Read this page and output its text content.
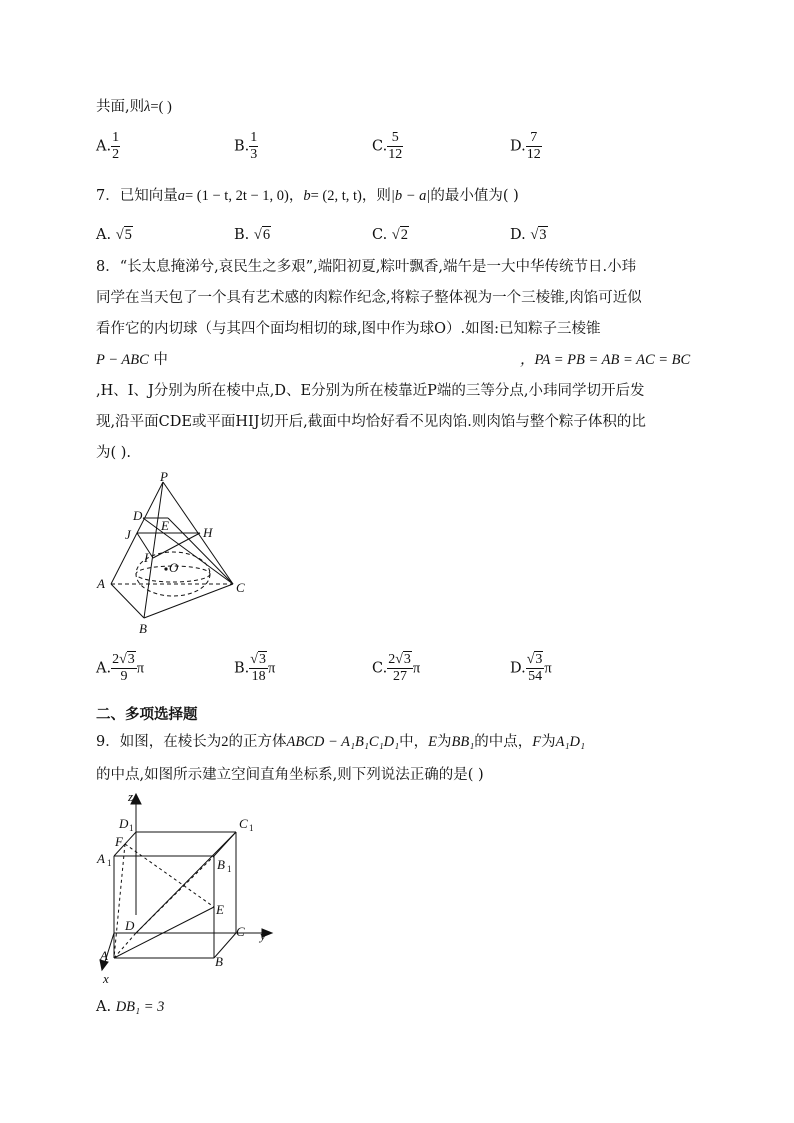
共面,则λ=( )
A. $\frac{1}{2}$	B. $\frac{1}{3}$	C. $\frac{5}{12}$	D. $\frac{7}{12}$
7．已知向量a= (1 − t, 2t − 1, 0)，b= (2, t, t)，则|b − a|的最小值为( )
A. √5	B. √6	C. √2	D. √3
8．“长太息掩涕兮,哀民生之多艰”,端阳初夏,粽叶飘香,端午是一大中华传统节日.小玮
同学在当天包了一个具有艺术感的肉粽作纪念,将粽子整体视为一个三棱锥,肉馅可近似
看作它的内切球（与其四个面均相切的球,图中作为球O）.如图:已知粽子三棱锥
P − ABC 中	，PA = PB = AB = AC = BC
,H、I、J分别为所在棱中点,D、E分别为所在棱靠近P端的三等分点,小玮同学切开后发
现,沿平面CDE或平面HIJ切开后,截面中均恰好看不见肉馅.则肉馅与整个粽子体积的比
为( ).
P
D
E
J	H
I
O
A	C
B
A. $\frac{2√3}{9}$ π	B. $\frac{√3}{18}$ π	C. $\frac{2√3}{27}$ π	D. $\frac{√3}{54}$ π
二、多项选择题
9．如图，在棱长为2的正方体ABCD − A₁B₁C₁D₁中，E为BB₁的中点，F为A₁D₁
的中点,如图所示建立空间直角坐标系,则下列说法正确的是( )
z
D 1	C 1
F
A 1	B 1
E
D	C y
A	B
x
A. DB₁ = 3
